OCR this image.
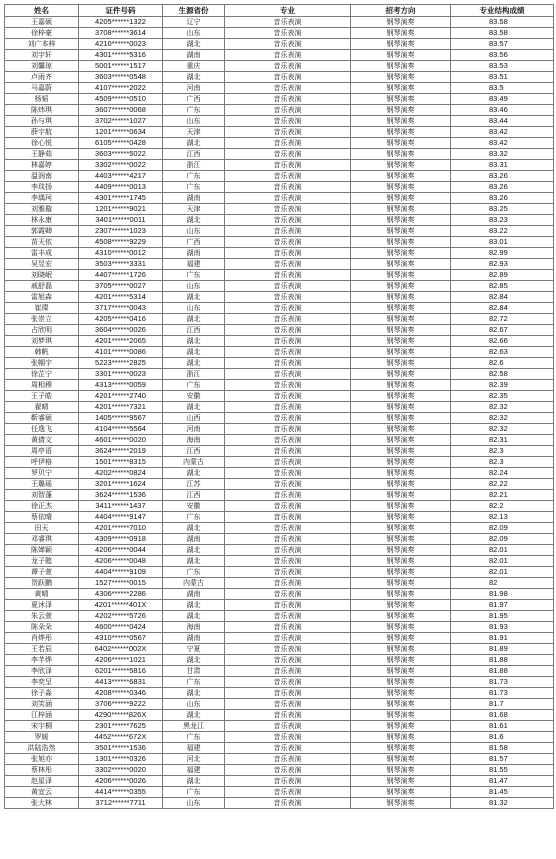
姓名	证件号码	生源省份	专业	招考方向	专业结构成绩
王嘉硕	4205******1322	辽宁	音乐表演	钢琴演奏	83.58
徐梓豪	3708******3614	山东	音乐表演	钢琴演奏	83.58
刘广本梓	4210******0023	湖北	音乐表演	钢琴演奏	83.57
刘宇轩	4301******5316	湖南	音乐表演	钢琴演奏	83.56
刘馨琼	5001******1517	重庆	音乐表演	钢琴演奏	83.53
卢雨齐	3603******0548	湖北	音乐表演	钢琴演奏	83.51
马嘉蔚	4107******2022	河南	音乐表演	钢琴演奏	83.5
杨韬	4509******0510	广西	音乐表演	钢琴演奏	83.49
陈炜琪	3607******0068	广东	音乐表演	钢琴演奏	83.46
孙与琪	3702******1027	山东	音乐表演	钢琴演奏	83.44
薛宇航	1201******0634	天津	音乐表演	钢琴演奏	83.42
徐心悦	6105******0428	湖北	音乐表演	钢琴演奏	83.42
王静茹	3603******5022	江西	音乐表演	钢琴演奏	83.32
林嘉婷	3302******0022	浙江	音乐表演	钢琴演奏	83.31
温润南	4403******4217	广东	音乐表演	钢琴演奏	83.26
李琰扬	4409******0013	广东	音乐表演	钢琴演奏	83.26
李瑀珂	4301******1745	湖南	音乐表演	钢琴演奏	83.26
刘雅璇	1201******9021	天津	音乐表演	钢琴演奏	83.25
林永康	3401******0011	湖北	音乐表演	钢琴演奏	83.23
郭霞卿	2307******1023	山东	音乐表演	钢琴演奏	83.22
苗天依	4508******9229	广西	音乐表演	钢琴演奏	83.01
雷丰成	4310******0012	湖南	音乐表演	钢琴演奏	82.99
吴昱宏	3503******3331	福建	音乐表演	钢琴演奏	82.93
刘晓岷	4407******1726	广东	音乐表演	钢琴演奏	82.89
戚舒磊	3705******0027	山东	音乐表演	钢琴演奏	82.85
雷旭森	4201******5314	湖北	音乐表演	钢琴演奏	82.84
崔璨	3717******0043	山东	音乐表演	钢琴演奏	82.84
张崇立	4205******0416	湖北	音乐表演	钢琴演奏	82.72
占欣明	3604******0026	江西	音乐表演	钢琴演奏	82.67
刘梦琪	4201******2065	湖北	音乐表演	钢琴演奏	82.66
韩帆	4101******0086	湖北	音乐表演	钢琴演奏	82.63
张帼宇	5223******2825	湖北	音乐表演	钢琴演奏	82.6
徐芷宁	3301******0023	浙江	音乐表演	钢琴演奏	82.58
周相穆	4313******0059	广东	音乐表演	钢琴演奏	82.39
王子皓	4201******2740	安徽	音乐表演	钢琴演奏	82.35
翟晴	4201******7321	湖北	音乐表演	钢琴演奏	82.32
靳睿硕	1405******9567	山西	音乐表演	钢琴演奏	82.32
任逸飞	4104******5564	河南	音乐表演	钢琴演奏	82.32
黄倩文	4601******0020	海南	音乐表演	钢琴演奏	82.31
周亭语	3624******2019	江西	音乐表演	钢琴演奏	82.3
呼伊格	1501******8315	内蒙古	音乐表演	钢琴演奏	82.3
罗贝宁	4202******0824	湖北	音乐表演	钢琴演奏	82.24
王璐瑶	3201******1624	江苏	音乐表演	钢琴演奏	82.22
刘智蓬	3624******1536	江西	音乐表演	钢琴演奏	82.21
徐正杰	3411******1437	安徽	音乐表演	钢琴演奏	82.2
蔡依晴	4404******9147	广东	音乐表演	钢琴演奏	82.13
田天	4201******7010	湖北	音乐表演	钢琴演奏	82.09
邓睿琪	4309******0918	湖南	音乐表演	钢琴演奏	82.09
陈婵颖	4206******0044	湖北	音乐表演	钢琴演奏	82.01
龙子懿	4206******0048	湖北	音乐表演	钢琴演奏	82.01
谭子萱	4404******9109	广东	音乐表演	钢琴演奏	82.01
贺跃鹏	1527******0015	内蒙古	音乐表演	钢琴演奏	82
黄晴	4306******2286	湖南	音乐表演	钢琴演奏	81.98
夏沐泽	4201******401X	湖北	音乐表演	钢琴演奏	81.97
朱云萱	4202******5726	湖北	音乐表演	钢琴演奏	81.95
陈朵朵	4600******0424	海南	音乐表演	钢琴演奏	81.93
肖烨彤	4310******0567	湖南	音乐表演	钢琴演奏	81.91
王若辰	6402******002X	宁夏	音乐表演	钢琴演奏	81.89
李芊烨	4206******1021	湖北	音乐表演	钢琴演奏	81.88
李欣泽	6201******5816	甘肃	音乐表演	钢琴演奏	81.88
李奕呈	4413******6831	广东	音乐表演	钢琴演奏	81.73
徐子淼	4208******0346	湖北	音乐表演	钢琴演奏	81.73
刘笑涵	3706******9222	山东	音乐表演	钢琴演奏	81.7
江梓涵	4290******826X	湖北	音乐表演	钢琴演奏	81.68
宋宇桐	2301******7625	黑龙江	音乐表演	钢琴演奏	81.61
罗媛	4452******672X	广东	音乐表演	钢琴演奏	81.6
洪陆浩然	3501******1536	福建	音乐表演	钢琴演奏	81.58
张旭亦	1301******0326	河北	音乐表演	钢琴演奏	81.57
蔡林彤	3302******0020	福建	音乐表演	钢琴演奏	81.55
赵星泽	4206******0026	湖北	音乐表演	钢琴演奏	81.47
黄宜云	4414******0355	广东	音乐表演	钢琴演奏	81.45
张大林	3712******7711	山东	音乐表演	钢琴演奏	81.32
